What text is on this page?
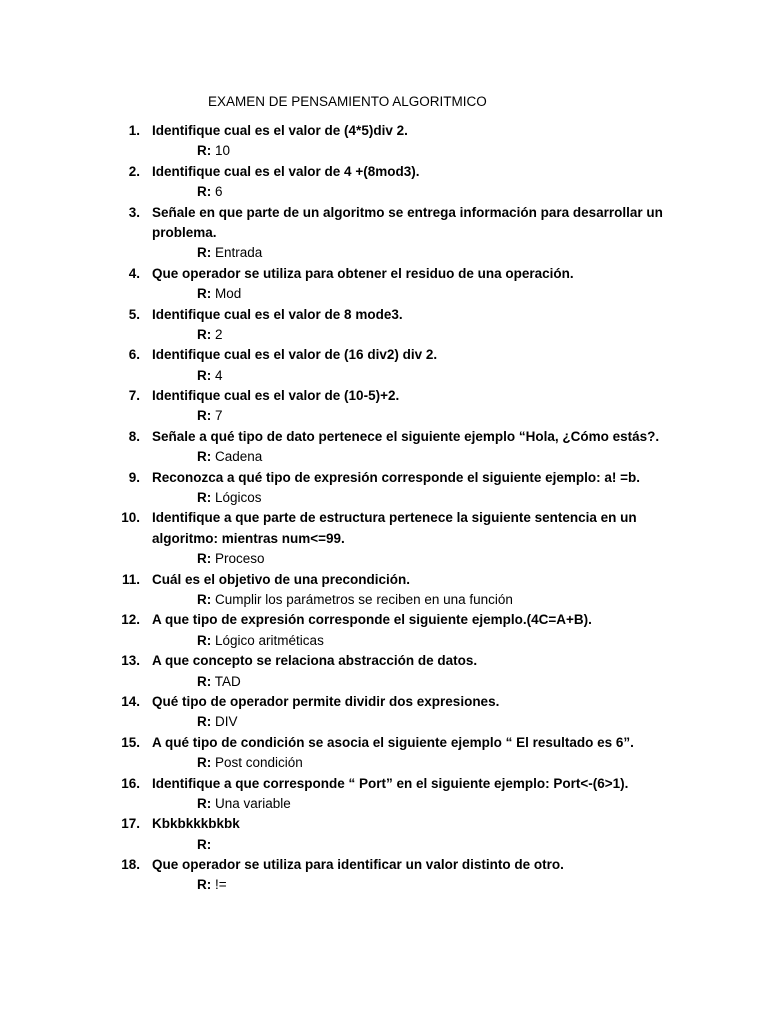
EXAMEN DE PENSAMIENTO ALGORITMICO
1. Identifique cual es el valor de (4*5)div 2.
R: 10
2. Identifique cual es el valor de 4 +(8mod3).
R: 6
3. Señale en que parte de un algoritmo se entrega información para desarrollar un
problema.
R: Entrada
4. Que operador se utiliza para obtener el residuo de una operación.
R: Mod
5. Identifique cual es el valor de 8 mode3.
R: 2
6. Identifique cual es el valor de (16 div2) div 2.
R: 4
7. Identifique cual es el valor de (10-5)+2.
R: 7
8. Señale a qué tipo de dato pertenece el siguiente ejemplo “Hola, ¿Cómo estás?.
R: Cadena
9. Reconozca a qué tipo de expresión corresponde el siguiente ejemplo: a! =b.
R: Lógicos
10. Identifique a que parte de estructura pertenece la siguiente sentencia en un
algoritmo: mientras num<=99.
R: Proceso
11. Cuál es el objetivo de una precondición.
R: Cumplir los parámetros se reciben en una función
12. A que tipo de expresión corresponde el siguiente ejemplo.(4C=A+B).
R: Lógico aritméticas
13. A que concepto se relaciona abstracción de datos.
R: TAD
14. Qué tipo de operador permite dividir dos expresiones.
R: DIV
15. A qué tipo de condición se asocia el siguiente ejemplo “ El resultado es 6”.
R: Post condición
16. Identifique a que corresponde “ Port” en el siguiente ejemplo: Port<-(6>1).
R: Una variable
17. Kbkbkkkbkbk
R:
18. Que operador se utiliza para identificar un valor distinto de otro.
R: !=
